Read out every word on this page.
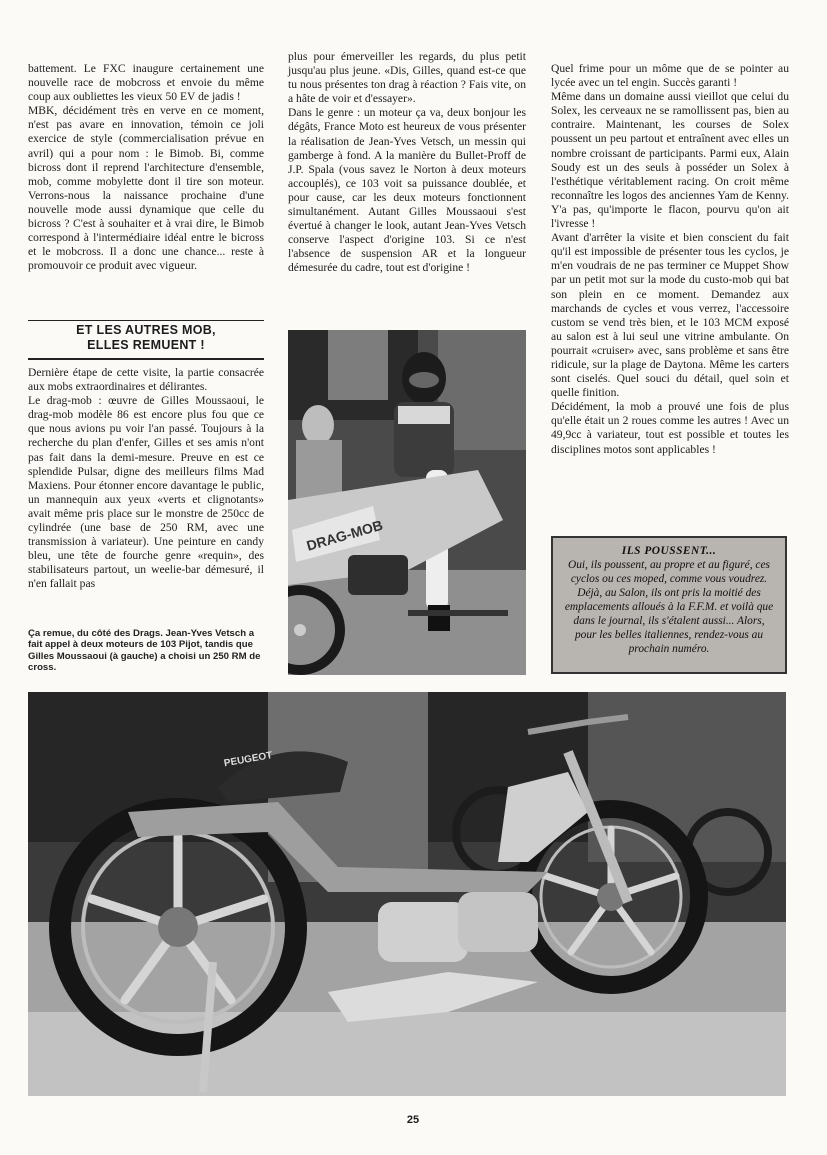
battement. Le FXC inaugure certainement une nouvelle race de mobcross et envoie du même coup aux oubliettes les vieux 50 EV de jadis !

MBK, décidément très en verve en ce moment, n'est pas avare en innovation, témoin ce joli exercice de style (commercialisation prévue en avril) qui a pour nom : le Bimob. Bi, comme bicross dont il reprend l'architecture d'ensemble, mob, comme mobylette dont il tire son moteur. Verrons-nous la naissance prochaine d'une nouvelle mode aussi dynamique que celle du bicross ? C'est à souhaiter et à vrai dire, le Bimob correspond à l'intermédiaire idéal entre le bicross et le mobcross. Il a donc une chance... reste à promouvoir ce produit avec vigueur.

ET LES AUTRES MOB,
ELLES REMUENT !

Dernière étape de cette visite, la partie consacrée aux mobs extraordinaires et délirantes.

Le drag-mob : œuvre de Gilles Moussaoui, le drag-mob modèle 86 est encore plus fou que ce que nous avions pu voir l'an passé. Toujours à la recherche du plan d'enfer, Gilles et ses amis n'ont pas fait dans la demi-mesure. Preuve en est ce splendide Pulsar, digne des meilleurs films Mad Maxiens. Pour étonner encore davantage le public, un mannequin aux yeux «verts et clignotants» avait même pris place sur le monstre de 250cc de cylindrée (une base de 250 RM, avec une transmission à variateur). Une peinture en candy bleu, une tête de fourche genre «requin», des stabilisateurs partout, un weelie-bar démesuré, il n'en fallait pas

Ça remue, du côté des Drags. Jean-Yves Vetsch a fait appel à deux moteurs de 103 Pijot, tandis que Gilles Moussaoui (à gauche) a choisi un 250 RM de cross.

plus pour émerveiller les regards, du plus petit jusqu'au plus jeune. «Dis, Gilles, quand est-ce que tu nous présentes ton drag à réaction ? Fais vite, on a hâte de voir et d'essayer».

Dans le genre : un moteur ça va, deux bonjour les dégâts, France Moto est heureux de vous présenter la réalisation de Jean-Yves Vetsch, un messin qui gamberge à fond. A la manière du Bullet-Proff de J.P. Spala (vous savez le Norton à deux moteurs accouplés), ce 103 voit sa puissance doublée, et pour cause, car les deux moteurs fonctionnent simultanément. Autant Gilles Moussaoui s'est évertué à changer le look, autant Jean-Yves Vetsch conserve l'aspect d'origine 103. Si ce n'est l'absence de suspension AR et la longueur démesurée du cadre, tout est d'origine !

DRAG-MOB

Quel frime pour un môme que de se pointer au lycée avec un tel engin. Succès garanti !

Même dans un domaine aussi vieillot que celui du Solex, les cerveaux ne se ramollissent pas, bien au contraire. Maintenant, les courses de Solex poussent un peu partout et entraînent avec elles un nombre croissant de participants. Parmi eux, Alain Soudy est un des seuls à posséder un Solex à l'esthétique véritablement racing. On croit même reconnaître les logos des anciennes Yam de Kenny. Y'a pas, qu'importe le flacon, pourvu qu'on ait l'ivresse !

Avant d'arrêter la visite et bien conscient du fait qu'il est impossible de présenter tous les cyclos, je m'en voudrais de ne pas terminer ce Muppet Show par un petit mot sur la mode du custo-mob qui bat son plein en ce moment. Demandez aux marchands de cycles et vous verrez, l'accessoire custom se vend très bien, et le 103 MCM exposé au salon est à lui seul une vitrine ambulante. On pourrait «cruiser» avec, sans problème et sans être ridicule, sur la plage de Daytona. Même les carters sont ciselés. Quel souci du détail, quel soin et quelle finition.

Décidément, la mob a prouvé une fois de plus qu'elle était un 2 roues comme les autres ! Avec un 49,9cc à variateur, tout est possible et toutes les disciplines motos sont applicables !

ILS POUSSENT...
Oui, ils poussent, au propre et au figuré, ces cyclos ou ces moped, comme vous voudrez. Déjà, au Salon, ils ont pris la moitié des emplacements alloués à la F.F.M. et voilà que dans le journal, ils s'étalent aussi... Alors, pour les belles italiennes, rendez-vous au prochain numéro.
PEUGEOT
25
